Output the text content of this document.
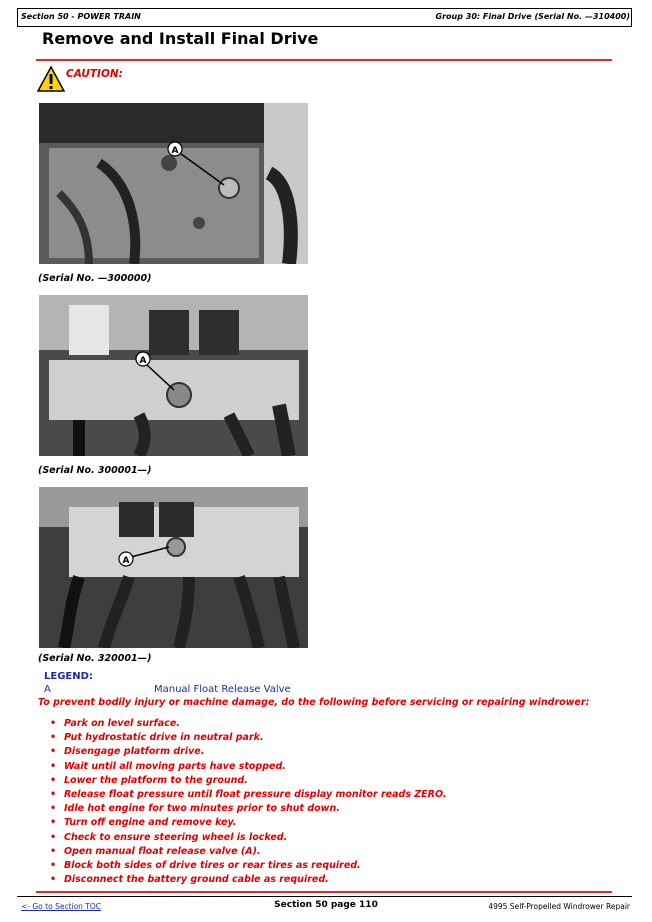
Section 50 - POWER TRAIN	Group 30: Final Drive (Serial No. —310400)
Remove and Install Final Drive
CAUTION:
A
(Serial No. —300000)
A
(Serial No. 300001—)
A
(Serial No. 320001—)
LEGEND:
A	Manual Float Release Valve
To prevent bodily injury or machine damage, do the following before servicing or repairing windrower:
• Park on level surface.
• Put hydrostatic drive in neutral park.
• Disengage platform drive.
• Wait until all moving parts have stopped.
• Lower the platform to the ground.
• Release float pressure until float pressure display monitor reads ZERO.
• Idle hot engine for two minutes prior to shut down.
• Turn off engine and remove key.
• Check to ensure steering wheel is locked.
• Open manual float release valve (A).
• Block both sides of drive tires or rear tires as required.
• Disconnect the battery ground cable as required.
<- Go to Section TOC	Section 50 page 110	4995 Self-Propelled Windrower Repair
